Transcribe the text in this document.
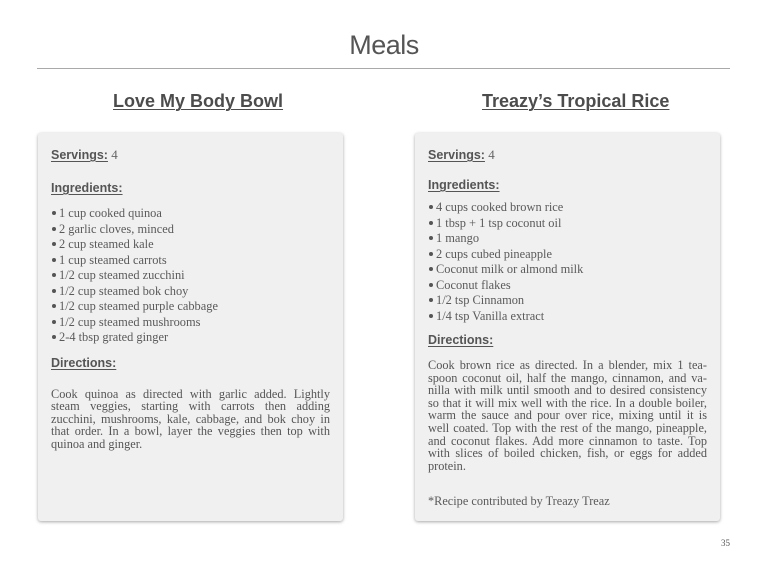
Meals
Love My Body Bowl
Servings: 4
Ingredients:
1 cup cooked quinoa
2 garlic cloves, minced
2 cup steamed kale
1 cup steamed carrots
1/2 cup steamed zucchini
1/2 cup steamed bok choy
1/2 cup steamed purple cabbage
1/2 cup steamed mushrooms
2-4 tbsp grated ginger
Directions:
Cook quinoa as directed with garlic added. Lightly steam veggies, starting with carrots then adding zucchini, mushrooms, kale, cabbage, and bok choy in that order. In a bowl, layer the veggies then top with quinoa and ginger.
Treazy’s Tropical Rice
Servings: 4
Ingredients:
4 cups cooked brown rice
1 tbsp + 1 tsp coconut oil
1 mango
2 cups cubed pineapple
Coconut milk or almond milk
Coconut flakes
1/2 tsp Cinnamon
1/4 tsp Vanilla extract
Directions:
Cook brown rice as directed. In a blender, mix 1 teaspoon coconut oil, half the mango, cinnamon, and vanilla with milk until smooth and to desired consistency so that it will mix well with the rice. In a double boiler, warm the sauce and pour over rice, mixing until it is well coated. Top with the rest of the mango, pineapple, and coconut flakes. Add more cinnamon to taste. Top with slices of boiled chicken, fish, or eggs for added protein.
*Recipe contributed by Treazy Treaz
35
